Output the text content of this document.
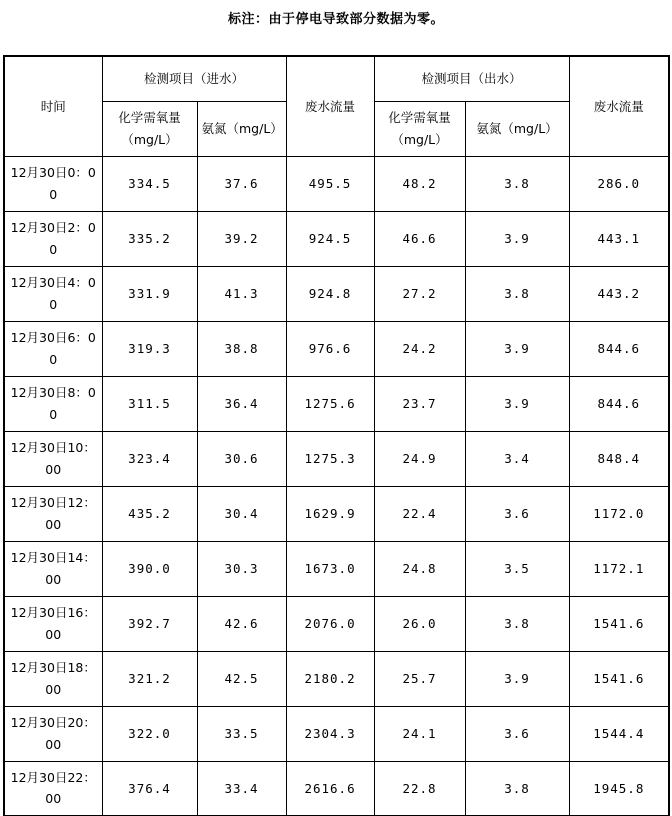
标注：由于停电导致部分数据为零。
时间	检测项目（进水）		废水流量	检测项目（出水）		废水流量
	化学需氧量（mg/L）	氨氮（mg/L）		化学需氧量（mg/L）	氨氮（mg/L）	
12月30日0：00	334.5	37.6	495.5	48.2	3.8	286.0
12月30日2：00	335.2	39.2	924.5	46.6	3.9	443.1
12月30日4：00	331.9	41.3	924.8	27.2	3.8	443.2
12月30日6：00	319.3	38.8	976.6	24.2	3.9	844.6
12月30日8：00	311.5	36.4	1275.6	23.7	3.9	844.6
12月30日10：00	323.4	30.6	1275.3	24.9	3.4	848.4
12月30日12：00	435.2	30.4	1629.9	22.4	3.6	1172.0
12月30日14：00	390.0	30.3	1673.0	24.8	3.5	1172.1
12月30日16：00	392.7	42.6	2076.0	26.0	3.8	1541.6
12月30日18：00	321.2	42.5	2180.2	25.7	3.9	1541.6
12月30日20：00	322.0	33.5	2304.3	24.1	3.6	1544.4
12月30日22：00	376.4	33.4	2616.6	22.8	3.8	1945.8
